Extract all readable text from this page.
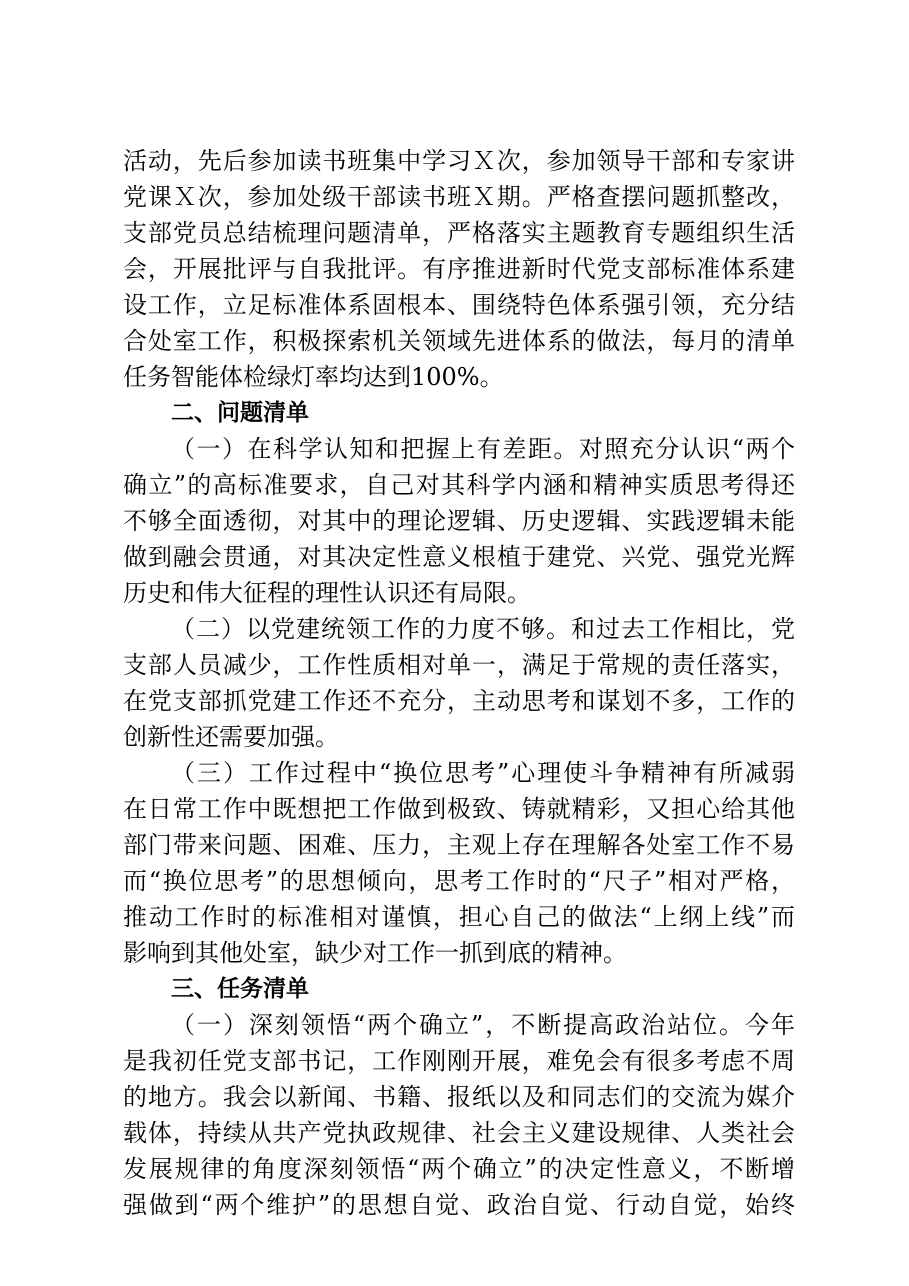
活动，先后参加读书班集中学习Ｘ次，参加领导干部和专家讲
党课Ｘ次，参加处级干部读书班Ｘ期。严格查摆问题抓整改，
支部党员总结梳理问题清单，严格落实主题教育专题组织生活
会，开展批评与自我批评。有序推进新时代党支部标准体系建
设工作，立足标准体系固根本、围绕特色体系强引领，充分结
合处室工作，积极探索机关领域先进体系的做法，每月的清单
任务智能体检绿灯率均达到100%。
二、问题清单
（一）在科学认知和把握上有差距。对照充分认识“两个
确立”的高标准要求，自己对其科学内涵和精神实质思考得还
不够全面透彻，对其中的理论逻辑、历史逻辑、实践逻辑未能
做到融会贯通，对其决定性意义根植于建党、兴党、强党光辉
历史和伟大征程的理性认识还有局限。
（二）以党建统领工作的力度不够。和过去工作相比，党
支部人员减少，工作性质相对单一，满足于常规的责任落实，
在党支部抓党建工作还不充分，主动思考和谋划不多，工作的
创新性还需要加强。
（三）工作过程中“换位思考”心理使斗争精神有所减弱
在日常工作中既想把工作做到极致、铸就精彩，又担心给其他
部门带来问题、困难、压力，主观上存在理解各处室工作不易
而“换位思考”的思想倾向，思考工作时的“尺子”相对严格，
推动工作时的标准相对谨慎，担心自己的做法“上纲上线”而
影响到其他处室，缺少对工作一抓到底的精神。
三、任务清单
（一）深刻领悟“两个确立”，不断提高政治站位。今年
是我初任党支部书记，工作刚刚开展，难免会有很多考虑不周
的地方。我会以新闻、书籍、报纸以及和同志们的交流为媒介
载体，持续从共产党执政规律、社会主义建设规律、人类社会
发展规律的角度深刻领悟“两个确立”的决定性意义，不断增
强做到“两个维护”的思想自觉、政治自觉、行动自觉，始终
